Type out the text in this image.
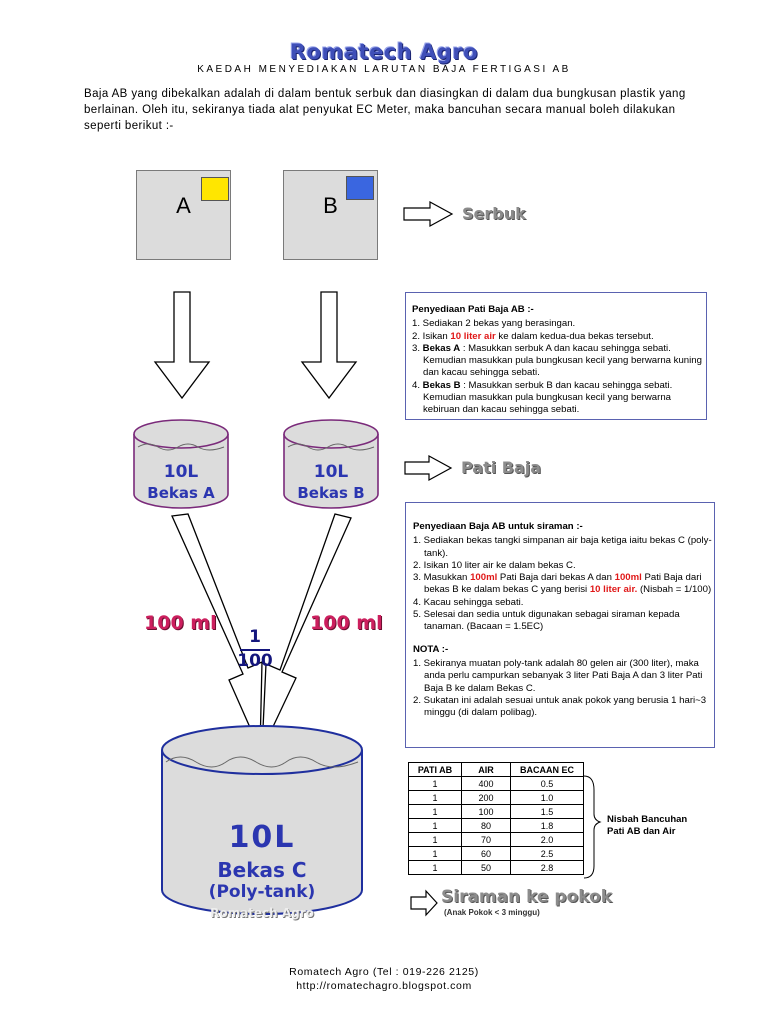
Romatech Agro
KAEDAH MENYEDIAKAN LARUTAN BAJA FERTIGASI AB
Baja AB yang dibekalkan adalah di dalam bentuk serbuk dan diasingkan di dalam dua bungkusan plastik yang berlainan. Oleh itu, sekiranya tiada alat penyukat EC Meter, maka bancuhan secara manual boleh dilakukan seperti berikut :-
A	B	Serbuk
Pati Baja
Siraman ke pokok
(Anak Pokok < 3 minggu)
10L
Bekas A
10L
Bekas B
10L
Bekas C
(Poly-tank)
Romatech Agro
100 ml	100 ml
1
100
Penyediaan Pati Baja AB :-
1. Sediakan 2 bekas yang berasingan.
2. Isikan 10 liter air ke dalam kedua-dua bekas tersebut.
3. Bekas A : Masukkan serbuk A dan kacau sehingga sebati. Kemudian masukkan pula bungkusan kecil yang berwarna kuning dan kacau sehingga sebati.
4. Bekas B : Masukkan serbuk B dan kacau sehingga sebati. Kemudian masukkan pula bungkusan kecil yang berwarna kebiruan dan kacau sehingga sebati.
Penyediaan Baja AB untuk siraman :-
1. Sediakan bekas tangki simpanan air baja ketiga iaitu bekas C (poly-tank).
2. Isikan 10 liter air ke dalam bekas C.
3. Masukkan 100ml Pati Baja dari bekas A dan 100ml Pati Baja dari bekas B ke dalam bekas C yang berisi 10 liter air. (Nisbah = 1/100)
4. Kacau sehingga sebati.
5. Selesai dan sedia untuk digunakan sebagai siraman kepada tanaman. (Bacaan = 1.5EC)
NOTA :-
1. Sekiranya muatan poly-tank adalah 80 gelen air (300 liter), maka anda perlu campurkan sebanyak 3 liter Pati Baja A dan 3 liter Pati Baja B ke dalam Bekas C.
2. Sukatan ini adalah sesuai untuk anak pokok yang berusia 1 hari~3 minggu (di dalam polibag).
PATI AB	AIR	BACAAN EC
1	400	0.5
1	200	1.0
1	100	1.5
1	80	1.8
1	70	2.0
1	60	2.5
1	50	2.8
Nisbah Bancuhan
Pati AB dan Air
Romatech Agro (Tel : 019-226 2125)
http://romatechagro.blogspot.com
